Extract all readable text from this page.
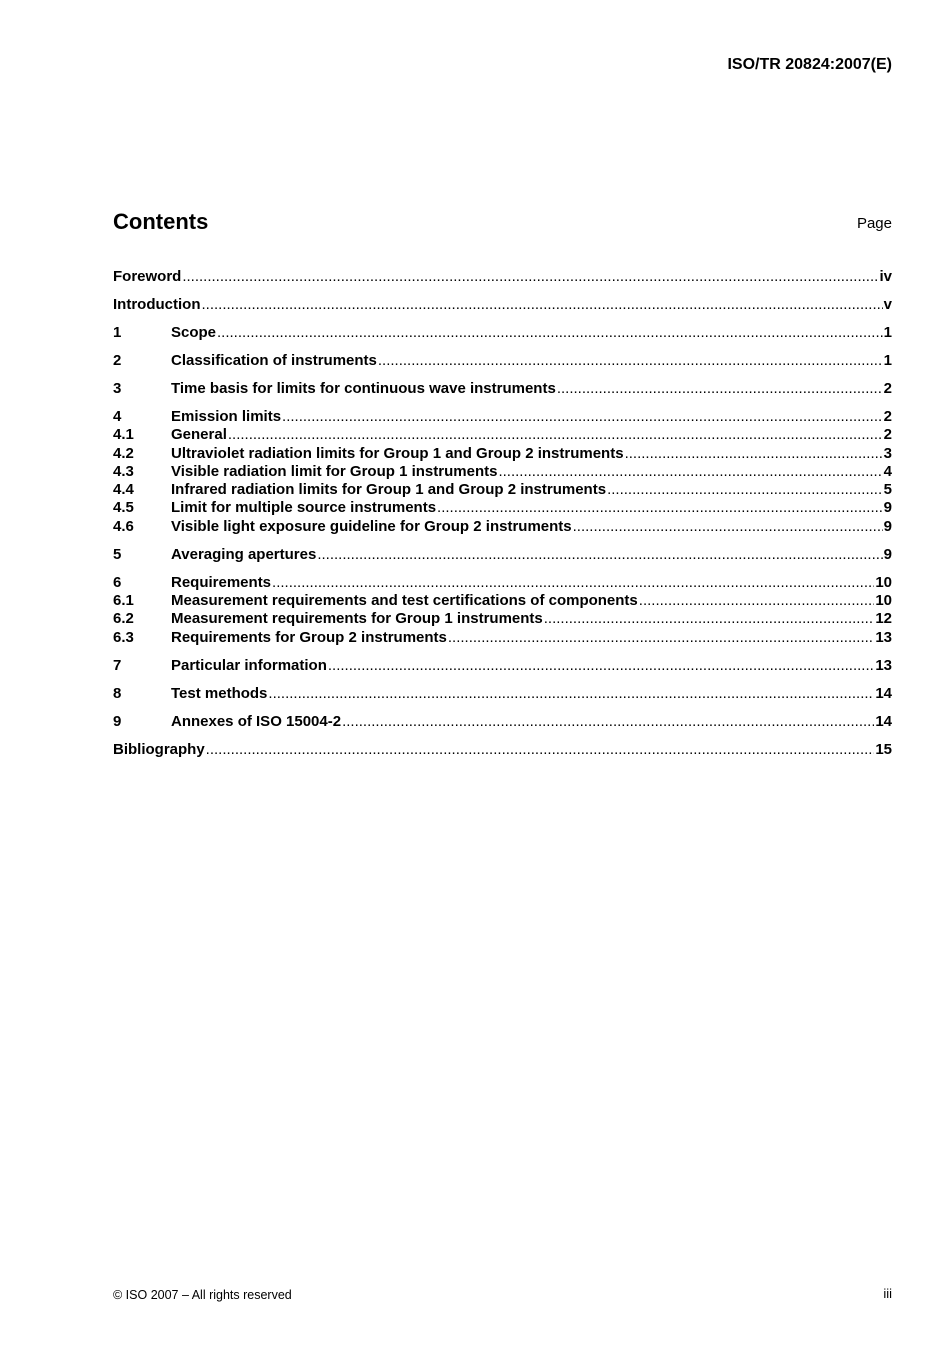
ISO/TR 20824:2007(E)
Contents	Page
Foreword .....	iv
Introduction .....	v
1	Scope .....	1
2	Classification of instruments .....	1
3	Time basis for limits for continuous wave instruments .....	2
4	Emission limits .....	2
4.1	General .....	2
4.2	Ultraviolet radiation limits for Group 1 and Group 2 instruments .....	3
4.3	Visible radiation limit for Group 1 instruments .....	4
4.4	Infrared radiation limits for Group 1 and Group 2 instruments .....	5
4.5	Limit for multiple source instruments .....	9
4.6	Visible light exposure guideline for Group 2 instruments .....	9
5	Averaging apertures .....	9
6	Requirements .....	10
6.1	Measurement requirements and test certifications of components .....	10
6.2	Measurement requirements for Group 1 instruments .....	12
6.3	Requirements for Group 2 instruments .....	13
7	Particular information .....	13
8	Test methods .....	14
9	Annexes of ISO 15004-2 .....	14
Bibliography .....	15
© ISO 2007 – All rights reserved	iii
